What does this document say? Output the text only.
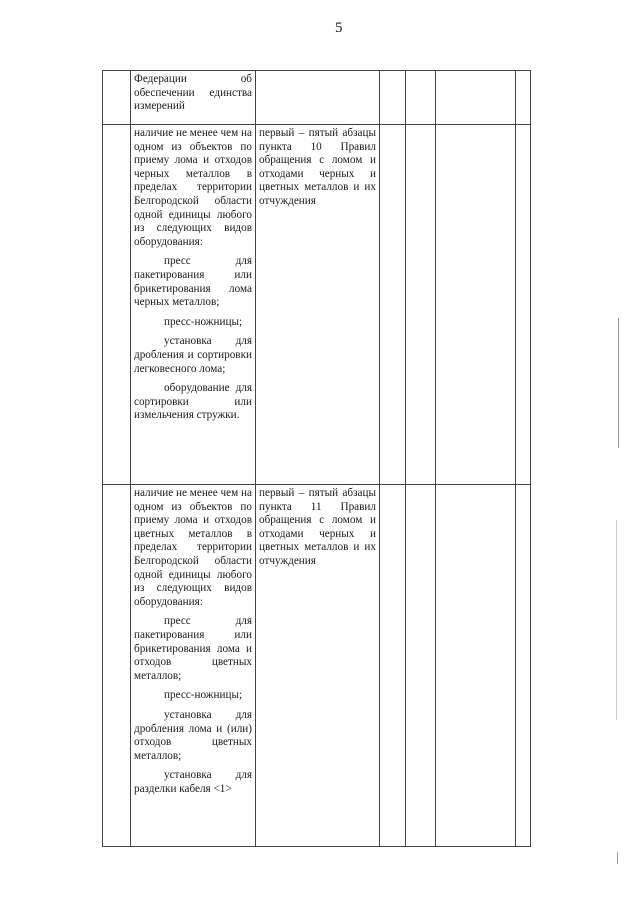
5

Федерации об обеспечении единства измерений

наличие не менее чем на одном из объектов по приему лома и отходов черных металлов в пределах территории Белгородской области одной единицы любого из следующих видов оборудования:

пресс для пакетирования или брикетирования лома черных металлов;

пресс-ножницы;

установка для дробления и сортировки легковесного лома;

оборудование для сортировки или измельчения стружки.

первый – пятый абзацы пункта 10 Правил обращения с ломом и отходами черных и цветных металлов и их отчуждения

наличие не менее чем на одном из объектов по приему лома и отходов цветных металлов в пределах территории Белгородской области одной единицы любого из следующих видов оборудования:

пресс для пакетирования или брикетирования лома и отходов цветных металлов;

пресс-ножницы;

установка для дробления лома и (или) отходов цветных металлов;

установка для разделки кабеля <1>

первый – пятый абзацы пункта 11 Правил обращения с ломом и отходами черных и цветных металлов и их отчуждения
